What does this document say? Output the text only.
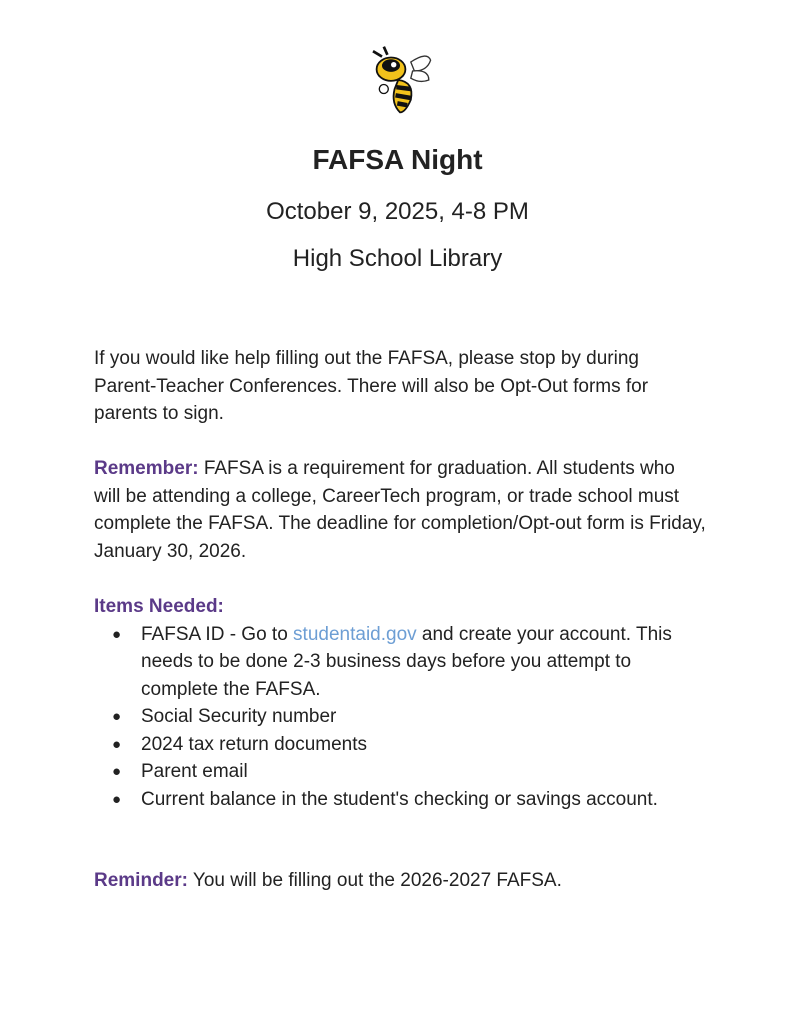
FAFSA Night
October 9, 2025, 4-8 PM
High School Library
If you would like help filling out the FAFSA, please stop by during Parent-Teacher Conferences. There will also be Opt-Out forms for parents to sign.
Remember: FAFSA is a requirement for graduation. All students who will be attending a college, CareerTech program, or trade school must complete the FAFSA. The deadline for completion/Opt-out form is Friday, January 30, 2026.
Items Needed:
● FAFSA ID - Go to studentaid.gov and create your account. This needs to be done 2-3 business days before you attempt to complete the FAFSA.
● Social Security number
● 2024 tax return documents
● Parent email
● Current balance in the student's checking or savings account.
Reminder: You will be filling out the 2026-2027 FAFSA.
